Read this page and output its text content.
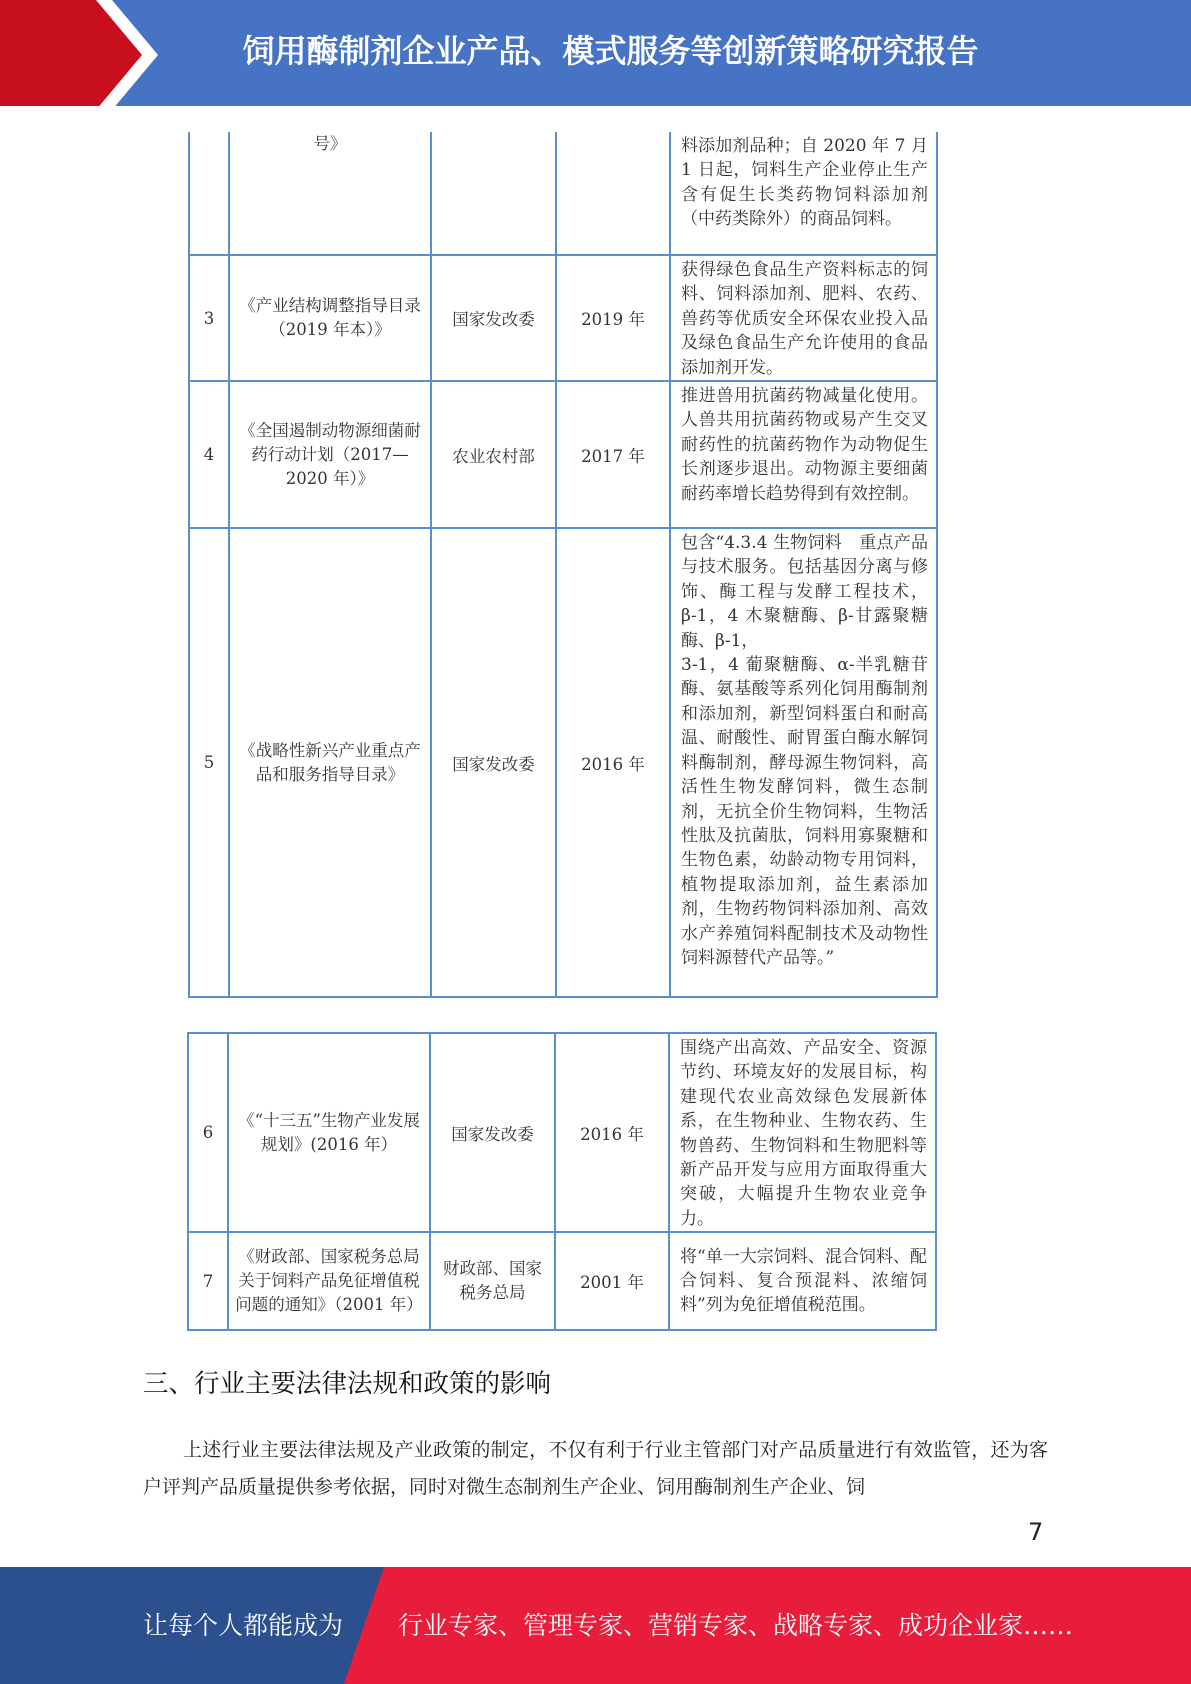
饲用酶制剂企业产品、模式服务等创新策略研究报告
	号》			料添加剂品种；自 2020 年 7 月 1 日起，饲料生产企业停止生产含有促生长类药物饲料添加剂（中药类除外）的商品饲料。
3	《产业结构调整指导目录（2019 年本）》	国家发改委	2019 年	获得绿色食品生产资料标志的饲料、饲料添加剂、肥料、农药、兽药等优质安全环保农业投入品及绿色食品生产允许使用的食品添加剂开发。
4	《全国遏制动物源细菌耐药行动计划（2017—2020 年）》	农业农村部	2017 年	推进兽用抗菌药物减量化使用。人兽共用抗菌药物或易产生交叉耐药性的抗菌药物作为动物促生长剂逐步退出。动物源主要细菌耐药率增长趋势得到有效控制。
5	《战略性新兴产业重点产品和服务指导目录》	国家发改委	2016 年	包含“4.3.4 生物饲料　重点产品与技术服务。包括基因分离与修饰、酶工程与发酵工程技术，β-1，4 木聚糖酶、β-甘露聚糖酶、β-1，
3-1，4 葡聚糖酶、α-半乳糖苷酶、氨基酸等系列化饲用酶制剂和添加剂，新型饲料蛋白和耐高温、耐酸性、耐胃蛋白酶水解饲料酶制剂，酵母源生物饲料，高活性生物发酵饲料，微生态制剂，无抗全价生物饲料，生物活性肽及抗菌肽，饲料用寡聚糖和生物色素，幼龄动物专用饲料，植物提取添加剂，益生素添加剂，生物药物饲料添加剂、高效水产养殖饲料配制技术及动物性饲料源替代产品等。”
6	《“十三五”生物产业发展规划》(2016 年）	国家发改委	2016 年	围绕产出高效、产品安全、资源节约、环境友好的发展目标，构建现代农业高效绿色发展新体系，在生物种业、生物农药、生物兽药、生物饲料和生物肥料等新产品开发与应用方面取得重大突破，大幅提升生物农业竞争力。
7	《财政部、国家税务总局关于饲料产品免征增值税问题的通知》（2001 年）	财政部、国家税务总局	2001 年	将“单一大宗饲料、混合饲料、配合饲料、复合预混料、浓缩饲料”列为免征增值税范围。
三、行业主要法律法规和政策的影响

上述行业主要法律法规及产业政策的制定，不仅有利于行业主管部门对产品质量进行有效监管，还为客户评判产品质量提供参考依据，同时对微生态制剂生产企业、饲用酶制剂生产企业、饲

7
让每个人都能成为 行业专家、管理专家、营销专家、战略专家、成功企业家……
